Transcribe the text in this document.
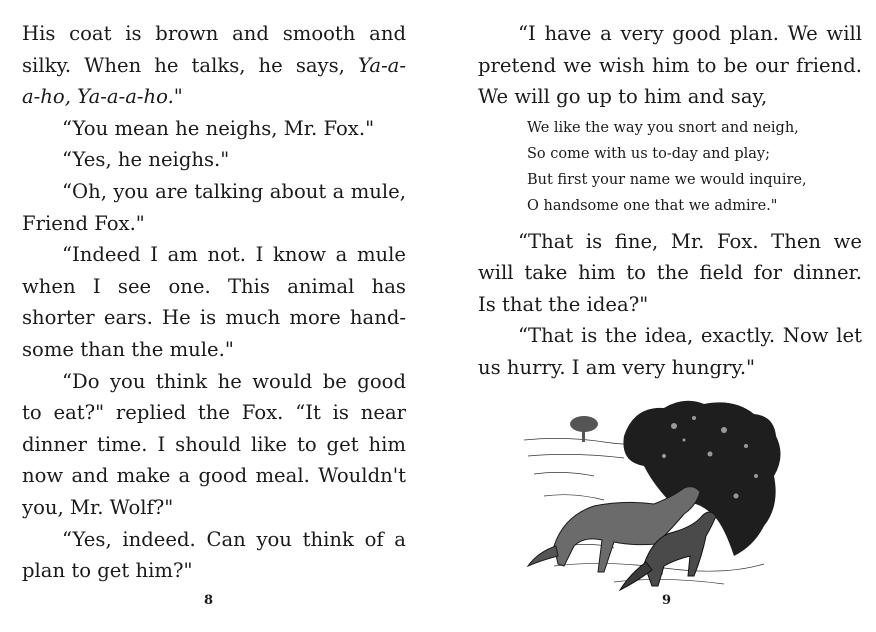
His coat is brown and smooth and
silky. When he talks, he says, Ya-a-
a-ho, Ya-a-a-ho."

“You mean he neighs, Mr. Fox."

“Yes, he neighs."

“Oh, you are talking about a mule,
Friend Fox."

“Indeed I am not. I know a mule
when I see one. This animal has
shorter ears. He is much more hand-
some than the mule."

“Do you think he would be good
to eat?" replied the Fox. “It is near
dinner time. I should like to get him
now and make a good meal. Wouldn't
you, Mr. Wolf?"

“Yes, indeed. Can you think of a
plan to get him?"

8

“I have a very good plan. We will
pretend we wish him to be our friend.
We will go up to him and say,

We like the way you snort and neigh,
So come with us to-day and play;
But first your name we would inquire,
O handsome one that we admire."

“That is fine, Mr. Fox. Then we
will take him to the field for dinner.
Is that the idea?"

“That is the idea, exactly. Now let
us hurry. I am very hungry."

9
